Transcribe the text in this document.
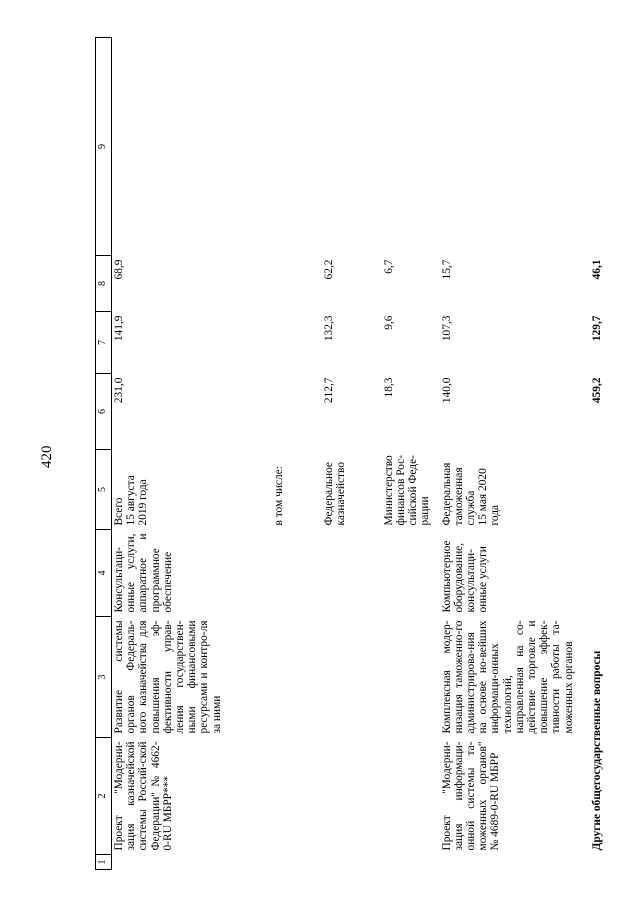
420
1	2	3	4	5	6	7	8	9
	Проект "Модерни-зация казначейской системы Россий-ской Федерации" № 4662-0-RU МБРР***	Развитие системы органов Федераль-ного казначейства для повышения эф-фективности управ-ления государствен-ными финансовыми ресурсами и контро-ля за ними	Консультаци-онные услуги, аппаратное и программное обеспечение	Всего 15 августа 2019 года	231,0	141,9	68,9	
				в том числе:				
				Федеральное казначейство	212,7	132,3	62,2	
				Министерство финансов Рос-сийской Феде-рации	18,3	9,6	6,7	
	Проект "Модерни-зация информаци-онной системы та-моженных органов" № 4689-0-RU МБРР	Комплексная модер-низация таможенно-го администрирова-ния на основе но-вейших информаци-онных технологий, направленная на со-действие торговле и повышение эффек-тивности работы та-моженных органов	Компьютерное оборудование, консультаци-онные услуги	Федеральная таможенная служба 15 мая 2020 года	140,0	107,3	15,7	
	Другие общегосударственные вопросы				459,2	129,7	46,1	
